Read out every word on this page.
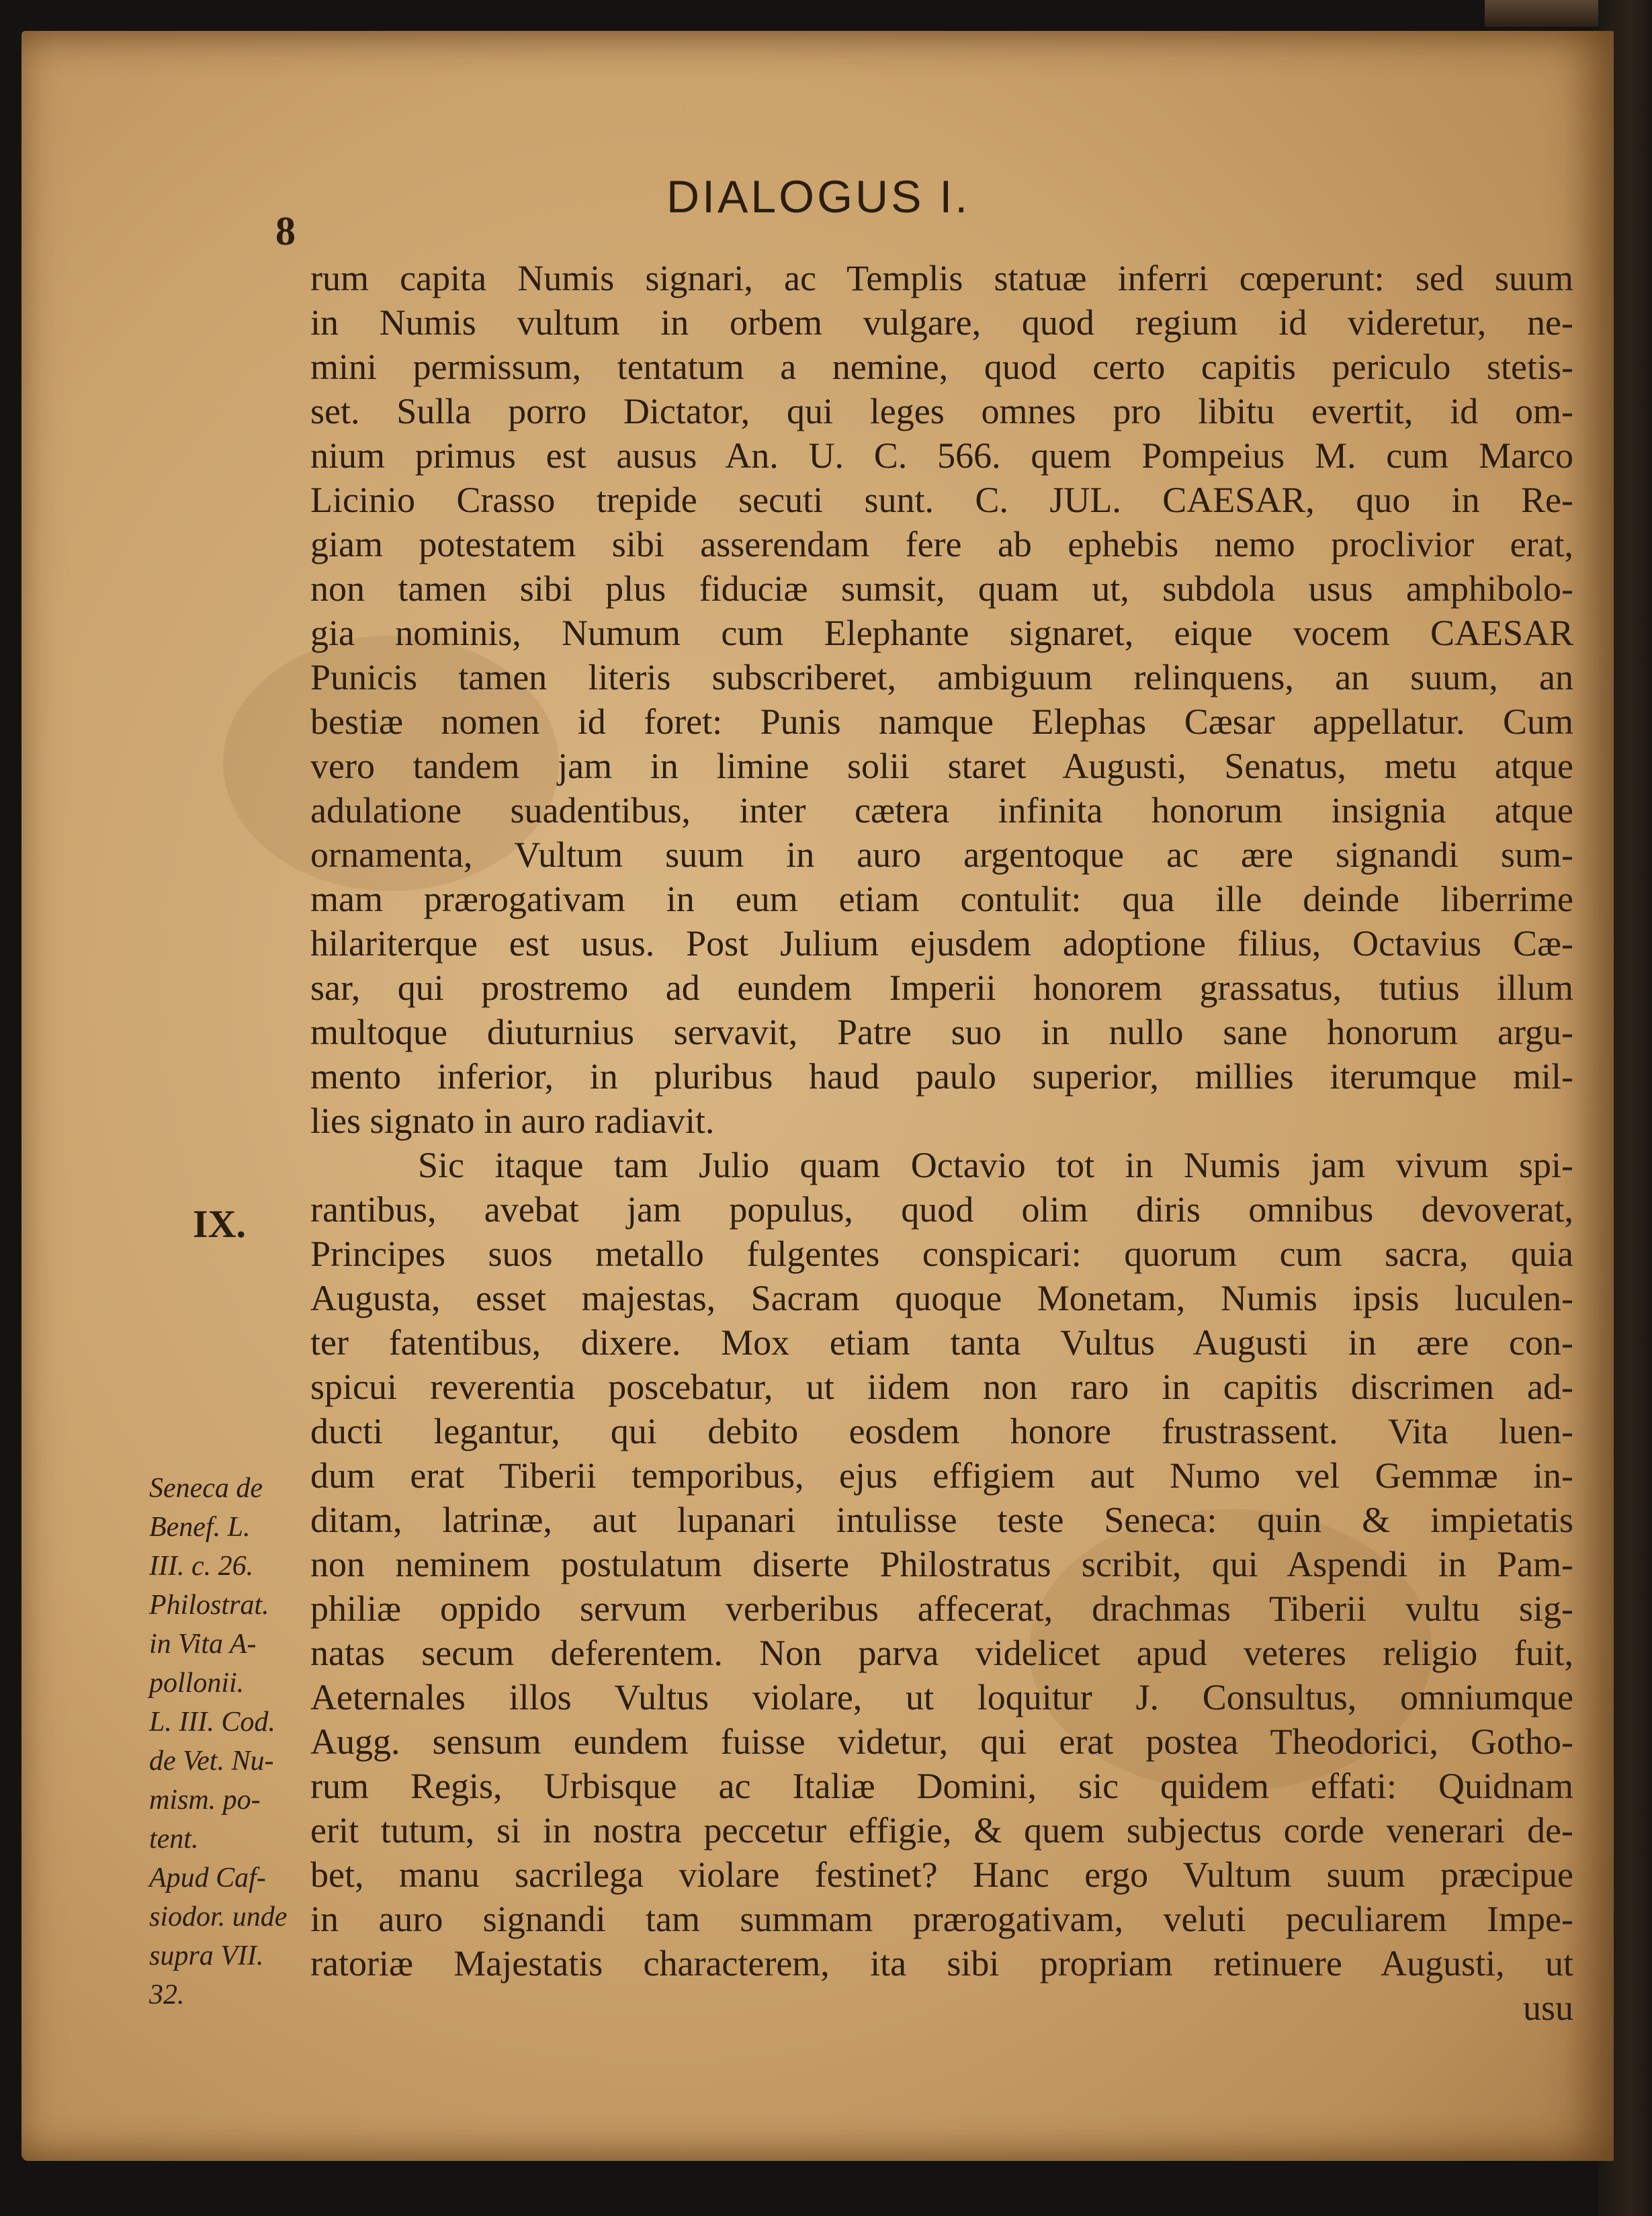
8
DIALOGUS I.
IX.
rum capita Numis signari, ac Templis statuæ inferri cœperunt: sed suum
in Numis vultum in orbem vulgare, quod regium id videretur, ne-
mini permissum, tentatum a nemine, quod certo capitis periculo stetis-
set. Sulla porro Dictator, qui leges omnes pro libitu evertit, id om-
nium primus est ausus An. U. C. 566. quem Pompeius M. cum Marco
Licinio Crasso trepide secuti sunt. C. JUL. CAESAR, quo in Re-
giam potestatem sibi asserendam fere ab ephebis nemo proclivior erat,
non tamen sibi plus fiduciæ sumsit, quam ut, subdola usus amphibolo-
gia nominis, Numum cum Elephante signaret, eique vocem CAESAR
Punicis tamen literis subscriberet, ambiguum relinquens, an suum, an
bestiæ nomen id foret: Punis namque Elephas Cæsar appellatur. Cum
vero tandem jam in limine solii staret Augusti, Senatus, metu atque
adulatione suadentibus, inter cætera infinita honorum insignia atque
ornamenta, Vultum suum in auro argentoque ac ære signandi sum-
mam prærogativam in eum etiam contulit: qua ille deinde liberrime
hilariterque est usus. Post Julium ejusdem adoptione filius, Octavius Cæ-
sar, qui prostremo ad eundem Imperii honorem grassatus, tutius illum
multoque diuturnius servavit, Patre suo in nullo sane honorum argu-
mento inferior, in pluribus haud paulo superior, millies iterumque mil-
lies signato in auro radiavit.
Sic itaque tam Julio quam Octavio tot in Numis jam vivum spi-
rantibus, avebat jam populus, quod olim diris omnibus devoverat,
Principes suos metallo fulgentes conspicari: quorum cum sacra, quia
Augusta, esset majestas, Sacram quoque Monetam, Numis ipsis luculen-
ter fatentibus, dixere. Mox etiam tanta Vultus Augusti in ære con-
spicui reverentia poscebatur, ut iidem non raro in capitis discrimen ad-
ducti legantur, qui debito eosdem honore frustrassent. Vita luen-
dum erat Tiberii temporibus, ejus effigiem aut Numo vel Gemmæ in-
ditam, latrinæ, aut lupanari intulisse teste Seneca: quin & impietatis
non neminem postulatum diserte Philostratus scribit, qui Aspendi in Pam-
philiæ oppido servum verberibus affecerat, drachmas Tiberii vultu sig-
natas secum deferentem. Non parva videlicet apud veteres religio fuit,
Aeternales illos Vultus violare, ut loquitur J. Consultus, omniumque
Augg. sensum eundem fuisse videtur, qui erat postea Theodorici, Gotho-
rum Regis, Urbisque ac Italiæ Domini, sic quidem effati: Quidnam
erit tutum, si in nostra peccetur effigie, & quem subjectus corde venerari de-
bet, manu sacrilega violare festinet? Hanc ergo Vultum suum præcipue
in auro signandi tam summam prærogativam, veluti peculiarem Impe-
ratoriæ Majestatis characterem, ita sibi propriam retinuere Augusti, ut
usu
Seneca de
Benef. L.
III. c. 26.
Philostrat.
in Vita A-
pollonii.
L. III. Cod.
de Vet. Nu-
mism. po-
tent.
Apud Caf-
siodor. unde
supra VII.
32.
